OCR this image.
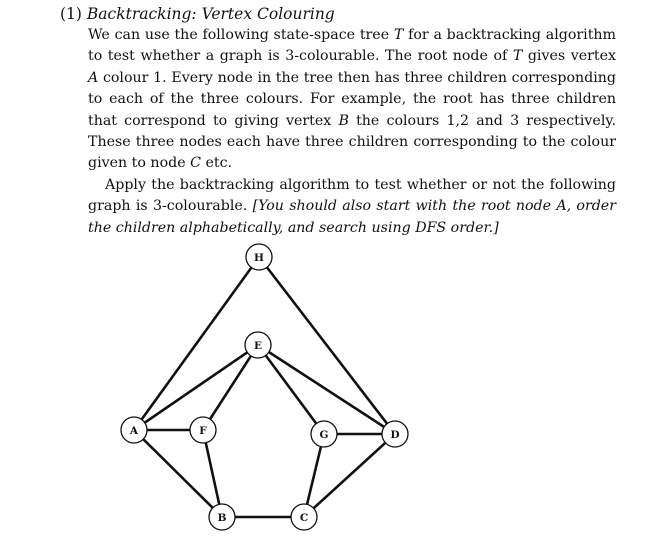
(1) Backtracking: Vertex Colouring

We can use the following state-space tree T for a backtracking algorithm to test whether a graph is 3-colourable. The root node of T gives vertex A colour 1. Every node in the tree then has three children corresponding to each of the three colours. For example, the root has three children that correspond to giving vertex B the colours 1,2 and 3 respectively. These three nodes each have three children corresponding to the colour given to node C etc.

Apply the backtracking algorithm to test whether or not the following graph is 3-colourable. [You should also start with the root node A, order the children alphabetically, and search using DFS order.]

H
E
A	F	G	D
B	C
